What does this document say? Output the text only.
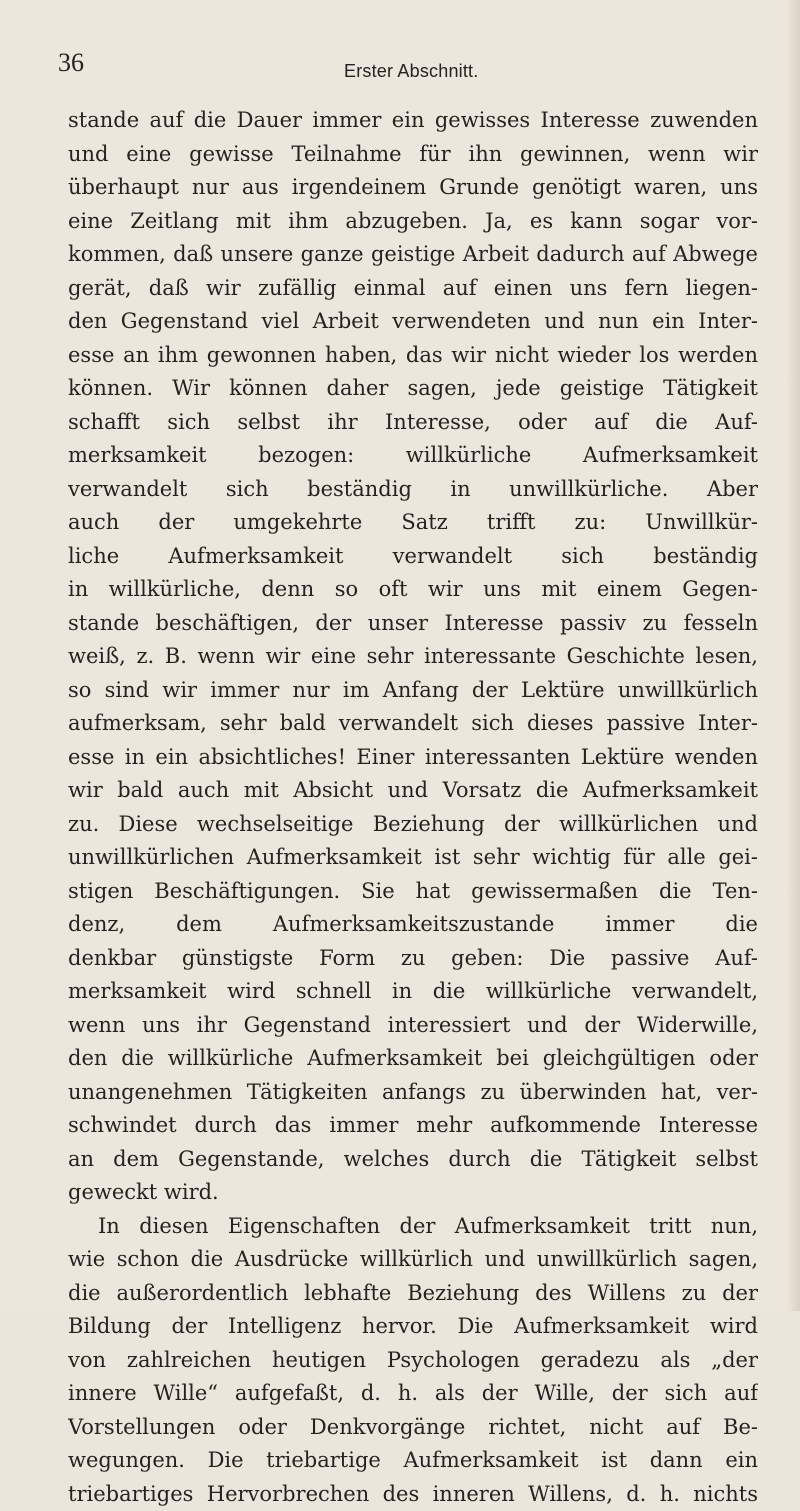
36	Erster Abschnitt.
stande auf die Dauer immer ein gewisses Interesse zuwenden
und eine gewisse Teilnahme für ihn gewinnen, wenn wir
überhaupt nur aus irgendeinem Grunde genötigt waren, uns
eine Zeitlang mit ihm abzugeben. Ja, es kann sogar vor-
kommen, daß unsere ganze geistige Arbeit dadurch auf Abwege
gerät, daß wir zufällig einmal auf einen uns fern liegen-
den Gegenstand viel Arbeit verwendeten und nun ein Inter-
esse an ihm gewonnen haben, das wir nicht wieder los werden
können. Wir können daher sagen, jede geistige Tätigkeit
schafft sich selbst ihr Interesse, oder auf die Auf-
merksamkeit bezogen: willkürliche Aufmerksamkeit
verwandelt sich beständig in unwillkürliche. Aber
auch der umgekehrte Satz trifft zu: Unwillkür-
liche Aufmerksamkeit verwandelt sich beständig
in willkürliche, denn so oft wir uns mit einem Gegen-
stande beschäftigen, der unser Interesse passiv zu fesseln
weiß, z. B. wenn wir eine sehr interessante Geschichte lesen,
so sind wir immer nur im Anfang der Lektüre unwillkürlich
aufmerksam, sehr bald verwandelt sich dieses passive Inter-
esse in ein absichtliches! Einer interessanten Lektüre wenden
wir bald auch mit Absicht und Vorsatz die Aufmerksamkeit
zu. Diese wechselseitige Beziehung der willkürlichen und
unwillkürlichen Aufmerksamkeit ist sehr wichtig für alle gei-
stigen Beschäftigungen. Sie hat gewissermaßen die Ten-
denz, dem Aufmerksamkeitszustande immer die
denkbar günstigste Form zu geben: Die passive Auf-
merksamkeit wird schnell in die willkürliche verwandelt,
wenn uns ihr Gegenstand interessiert und der Widerwille,
den die willkürliche Aufmerksamkeit bei gleichgültigen oder
unangenehmen Tätigkeiten anfangs zu überwinden hat, ver-
schwindet durch das immer mehr aufkommende Interesse
an dem Gegenstande, welches durch die Tätigkeit selbst
geweckt wird.
In diesen Eigenschaften der Aufmerksamkeit tritt nun,
wie schon die Ausdrücke willkürlich und unwillkürlich sagen,
die außerordentlich lebhafte Beziehung des Willens zu der
Bildung der Intelligenz hervor. Die Aufmerksamkeit wird
von zahlreichen heutigen Psychologen geradezu als „der
innere Wille“ aufgefaßt, d. h. als der Wille, der sich auf
Vorstellungen oder Denkvorgänge richtet, nicht auf Be-
wegungen. Die triebartige Aufmerksamkeit ist dann ein
triebartiges Hervorbrechen des inneren Willens, d. h. nichts
